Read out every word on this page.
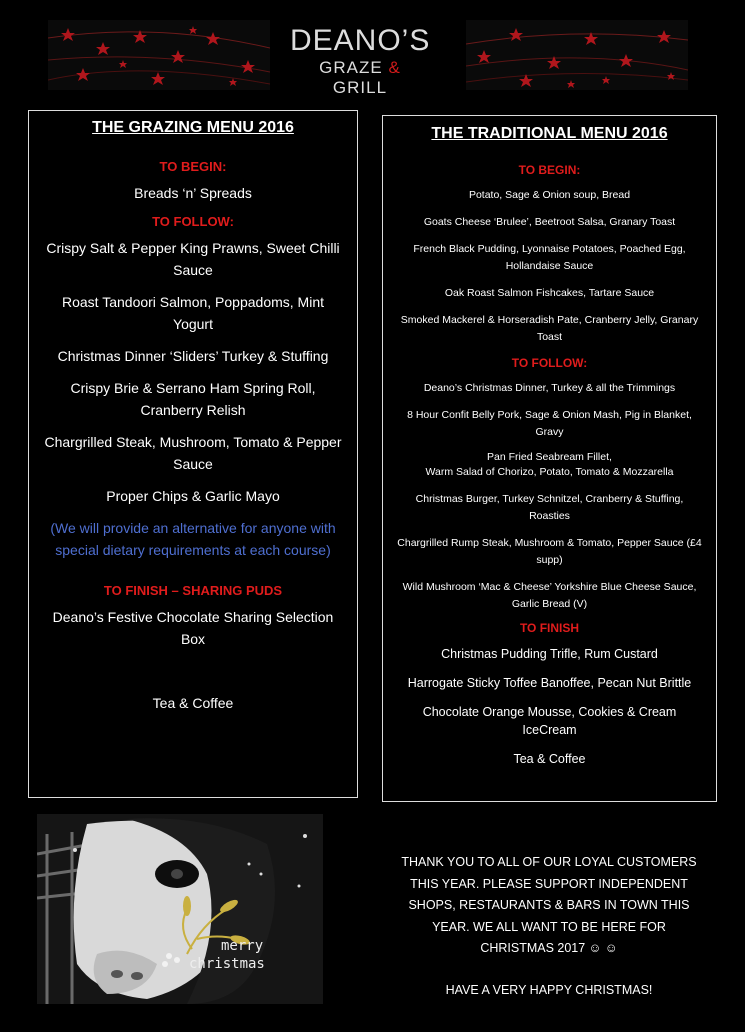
DEANO’S
GRAZE & GRILL
THE GRAZING MENU 2016
TO BEGIN:
Breads ‘n’ Spreads
TO FOLLOW:
Crispy Salt & Pepper King Prawns, Sweet Chilli Sauce
Roast Tandoori Salmon, Poppadoms, Mint Yogurt
Christmas Dinner ‘Sliders’ Turkey & Stuffing
Crispy Brie & Serrano Ham Spring Roll, Cranberry Relish
Chargrilled Steak, Mushroom, Tomato & Pepper Sauce
Proper Chips & Garlic Mayo
(We will provide an alternative for anyone with special dietary requirements at each course)
TO FINISH – SHARING PUDS
Deano’s Festive Chocolate Sharing Selection Box
Tea & Coffee
THE TRADITIONAL MENU 2016
TO BEGIN:
Potato, Sage & Onion soup, Bread
Goats Cheese ‘Brulee’, Beetroot Salsa, Granary Toast
French Black Pudding, Lyonnaise Potatoes, Poached Egg, Hollandaise Sauce
Oak Roast Salmon Fishcakes, Tartare Sauce
Smoked Mackerel & Horseradish Pate, Cranberry Jelly, Granary Toast
TO FOLLOW:
Deano’s Christmas Dinner, Turkey & all the Trimmings
8 Hour Confit Belly Pork, Sage & Onion Mash, Pig in Blanket, Gravy
Pan Fried Seabream Fillet,
Warm Salad of Chorizo, Potato, Tomato & Mozzarella
Christmas Burger, Turkey Schnitzel, Cranberry & Stuffing, Roasties
Chargrilled Rump Steak, Mushroom & Tomato, Pepper Sauce (£4 supp)
Wild Mushroom ‘Mac & Cheese’ Yorkshire Blue Cheese Sauce, Garlic Bread (V)
TO FINISH
Christmas Pudding Trifle, Rum Custard
Harrogate Sticky Toffee Banoffee, Pecan Nut Brittle
Chocolate Orange Mousse, Cookies & Cream IceCream
Tea & Coffee
merry
christmas
THANK YOU TO ALL OF OUR LOYAL CUSTOMERS THIS YEAR. PLEASE SUPPORT INDEPENDENT SHOPS, RESTAURANTS & BARS IN TOWN THIS YEAR. WE ALL WANT TO BE HERE FOR CHRISTMAS 2017 ☺ ☺
HAVE A VERY HAPPY CHRISTMAS!
